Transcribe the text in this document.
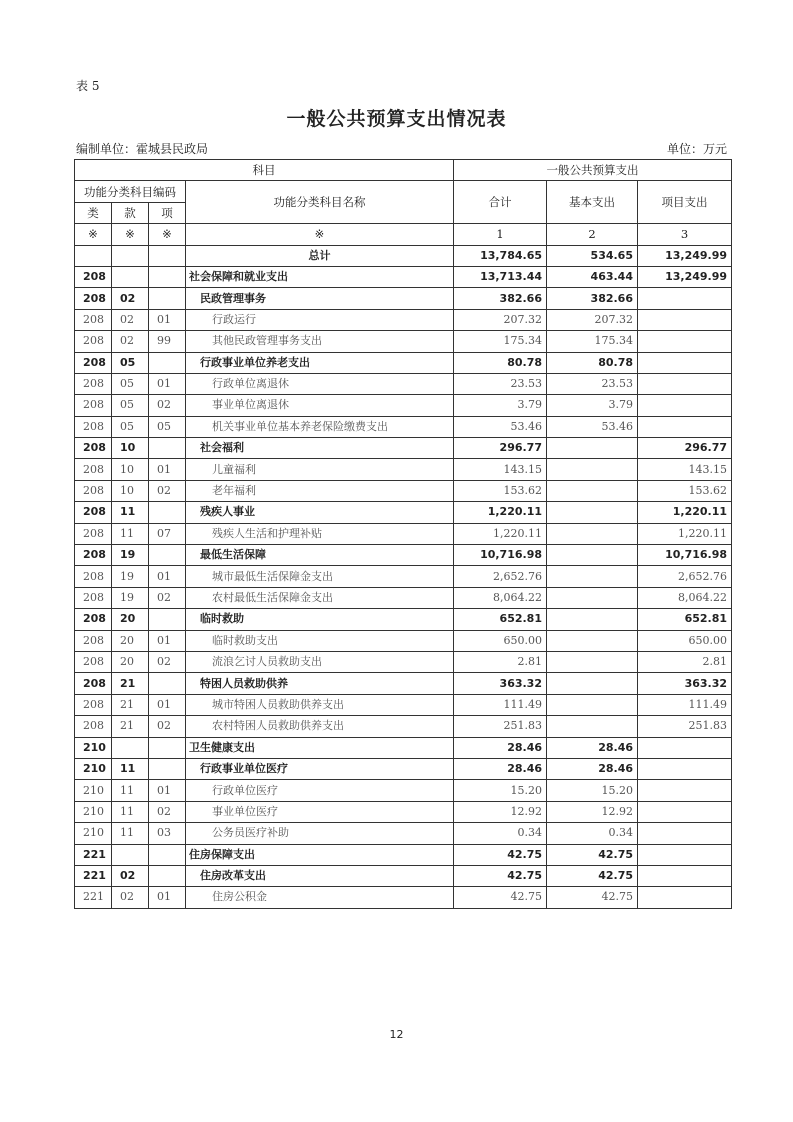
表 5
一般公共预算支出情况表
编制单位：霍城县民政局	单位：万元
科目				一般公共预算支出		
功能分类科目编码			功能分类科目名称	合计	基本支出	项目支出
类	款	项				
※	※	※	※	1	2	3
			总计	13,784.65	534.65	13,249.99
208			社会保障和就业支出	13,713.44	463.44	13,249.99
208	02		民政管理事务	382.66	382.66	
208	02	01	行政运行	207.32	207.32	
208	02	99	其他民政管理事务支出	175.34	175.34	
208	05		行政事业单位养老支出	80.78	80.78	
208	05	01	行政单位离退休	23.53	23.53	
208	05	02	事业单位离退休	3.79	3.79	
208	05	05	机关事业单位基本养老保险缴费支出	53.46	53.46	
208	10		社会福利	296.77		296.77
208	10	01	儿童福利	143.15		143.15
208	10	02	老年福利	153.62		153.62
208	11		残疾人事业	1,220.11		1,220.11
208	11	07	残疾人生活和护理补贴	1,220.11		1,220.11
208	19		最低生活保障	10,716.98		10,716.98
208	19	01	城市最低生活保障金支出	2,652.76		2,652.76
208	19	02	农村最低生活保障金支出	8,064.22		8,064.22
208	20		临时救助	652.81		652.81
208	20	01	临时救助支出	650.00		650.00
208	20	02	流浪乞讨人员救助支出	2.81		2.81
208	21		特困人员救助供养	363.32		363.32
208	21	01	城市特困人员救助供养支出	111.49		111.49
208	21	02	农村特困人员救助供养支出	251.83		251.83
210			卫生健康支出	28.46	28.46	
210	11		行政事业单位医疗	28.46	28.46	
210	11	01	行政单位医疗	15.20	15.20	
210	11	02	事业单位医疗	12.92	12.92	
210	11	03	公务员医疗补助	0.34	0.34	
221			住房保障支出	42.75	42.75	
221	02		住房改革支出	42.75	42.75	
221	02	01	住房公积金	42.75	42.75	
12
